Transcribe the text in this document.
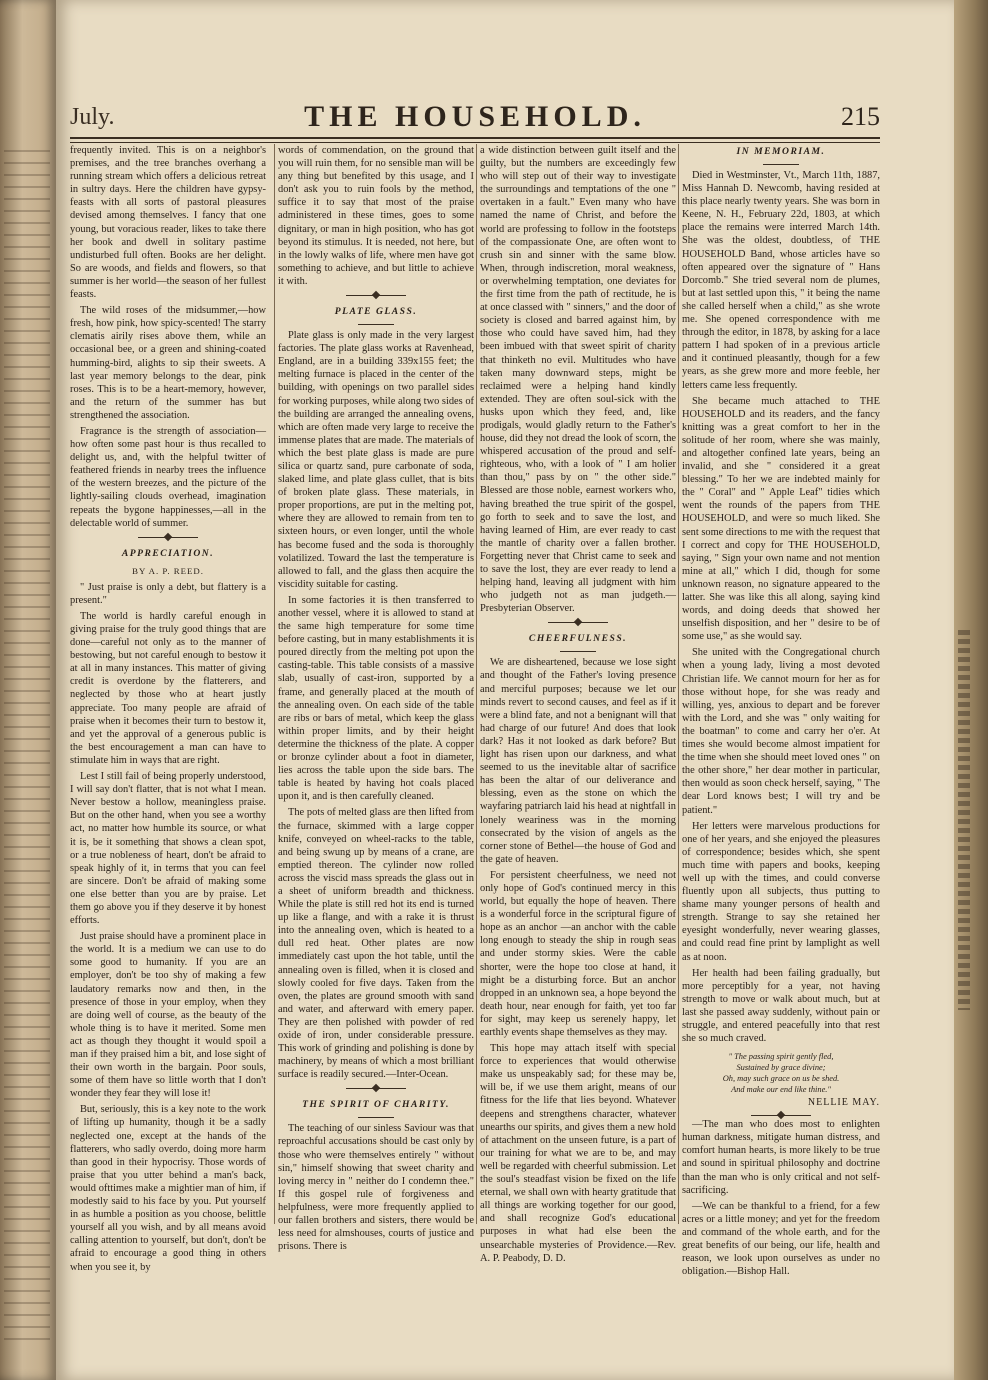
July.	THE HOUSEHOLD.	215

frequently invited. This is on a neighbor's premises, and the tree branches overhang a running stream which offers a delicious retreat in sultry days. Here the children have gypsy-feasts with all sorts of pastoral pleasures devised among themselves. I fancy that one young, but voracious reader, likes to take there her book and dwell in solitary pastime undisturbed full often. Books are her delight. So are woods, and fields and flowers, so that summer is her world—the season of her fullest feasts.

The wild roses of the midsummer,—how fresh, how pink, how spicy-scented! The starry clematis airily rises above them, while an occasional bee, or a green and shining-coated humming-bird, alights to sip their sweets. A last year memory belongs to the dear, pink roses. This is to be a heart-memory, however, and the return of the summer has but strengthened the association.

Fragrance is the strength of association—how often some past hour is thus recalled to delight us, and, with the helpful twitter of feathered friends in nearby trees the influence of the western breezes, and the picture of the lightly-sailing clouds overhead, imagination repeats the bygone happinesses,—all in the delectable world of summer.

APPRECIATION.
BY A. P. REED.

" Just praise is only a debt, but flattery is a present."

The world is hardly careful enough in giving praise for the truly good things that are done—careful not only as to the manner of bestowing, but not careful enough to bestow it at all in many instances. This matter of giving credit is overdone by the flatterers, and neglected by those who at heart justly appreciate. Too many people are afraid of praise when it becomes their turn to bestow it, and yet the approval of a generous public is the best encouragement a man can have to stimulate him in ways that are right.

Lest I still fail of being properly understood, I will say don't flatter, that is not what I mean. Never bestow a hollow, meaningless praise. But on the other hand, when you see a worthy act, no matter how humble its source, or what it is, be it something that shows a clean spot, or a true nobleness of heart, don't be afraid to speak highly of it, in terms that you can feel are sincere. Don't be afraid of making some one else better than you are by praise. Let them go above you if they deserve it by honest efforts.

Just praise should have a prominent place in the world. It is a medium we can use to do some good to humanity. If you are an employer, don't be too shy of making a few laudatory remarks now and then, in the presence of those in your employ, when they are doing well of course, as the beauty of the whole thing is to have it merited. Some men act as though they thought it would spoil a man if they praised him a bit, and lose sight of their own worth in the bargain. Poor souls, some of them have so little worth that I don't wonder they fear they will lose it!

But, seriously, this is a key note to the work of lifting up humanity, though it be a sadly neglected one, except at the hands of the flatterers, who sadly overdo, doing more harm than good in their hypocrisy. Those words of praise that you utter behind a man's back, would ofttimes make a mightier man of him, if modestly said to his face by you. Put yourself in as humble a position as you choose, belittle yourself all you wish, and by all means avoid calling attention to yourself, but don't, don't be afraid to encourage a good thing in others when you see it, by

words of commendation, on the ground that you will ruin them, for no sensible man will be any thing but benefited by this usage, and I don't ask you to ruin fools by the method, suffice it to say that most of the praise administered in these times, goes to some dignitary, or man in high position, who has got beyond its stimulus. It is needed, not here, but in the lowly walks of life, where men have got something to achieve, and but little to achieve it with.

PLATE GLASS.

Plate glass is only made in the very largest factories. The plate glass works at Ravenhead, England, are in a building 339x155 feet; the melting furnace is placed in the center of the building, with openings on two parallel sides for working purposes, while along two sides of the building are arranged the annealing ovens, which are often made very large to receive the immense plates that are made. The materials of which the best plate glass is made are pure silica or quartz sand, pure carbonate of soda, slaked lime, and plate glass cullet, that is bits of broken plate glass. These materials, in proper proportions, are put in the melting pot, where they are allowed to remain from ten to sixteen hours, or even longer, until the whole has become fused and the soda is thoroughly volatilized. Toward the last the temperature is allowed to fall, and the glass then acquire the viscidity suitable for casting.

In some factories it is then transferred to another vessel, where it is allowed to stand at the same high temperature for some time before casting, but in many establishments it is poured directly from the melting pot upon the casting-table. This table consists of a massive slab, usually of cast-iron, supported by a frame, and generally placed at the mouth of the annealing oven. On each side of the table are ribs or bars of metal, which keep the glass within proper limits, and by their height determine the thickness of the plate. A copper or bronze cylinder about a foot in diameter, lies across the table upon the side bars. The table is heated by having hot coals placed upon it, and is then carefully cleaned.

The pots of melted glass are then lifted from the furnace, skimmed with a large copper knife, conveyed on wheel-racks to the table, and being swung up by means of a crane, are emptied thereon. The cylinder now rolled across the viscid mass spreads the glass out in a sheet of uniform breadth and thickness. While the plate is still red hot its end is turned up like a flange, and with a rake it is thrust into the annealing oven, which is heated to a dull red heat. Other plates are now immediately cast upon the hot table, until the annealing oven is filled, when it is closed and slowly cooled for five days. Taken from the oven, the plates are ground smooth with sand and water, and afterward with emery paper. They are then polished with powder of red oxide of iron, under considerable pressure. This work of grinding and polishing is done by machinery, by means of which a most brilliant surface is readily secured.—Inter-Ocean.

THE SPIRIT OF CHARITY.

The teaching of our sinless Saviour was that reproachful accusations should be cast only by those who were themselves entirely " without sin," himself showing that sweet charity and loving mercy in " neither do I condemn thee." If this gospel rule of forgiveness and helpfulness, were more frequently applied to our fallen brothers and sisters, there would be less need for almshouses, courts of justice and prisons. There is

a wide distinction between guilt itself and the guilty, but the numbers are exceedingly few who will step out of their way to investigate the surroundings and temptations of the one " overtaken in a fault." Even many who have named the name of Christ, and before the world are professing to follow in the footsteps of the compassionate One, are often wont to crush sin and sinner with the same blow. When, through indiscretion, moral weakness, or overwhelming temptation, one deviates for the first time from the path of rectitude, he is at once classed with " sinners," and the door of society is closed and barred against him, by those who could have saved him, had they been imbued with that sweet spirit of charity that thinketh no evil. Multitudes who have taken many downward steps, might be reclaimed were a helping hand kindly extended. They are often soul-sick with the husks upon which they feed, and, like prodigals, would gladly return to the Father's house, did they not dread the look of scorn, the whispered accusation of the proud and self-righteous, who, with a look of " I am holier than thou," pass by on " the other side." Blessed are those noble, earnest workers who, having breathed the true spirit of the gospel, go forth to seek and to save the lost, and having learned of Him, are ever ready to cast the mantle of charity over a fallen brother. Forgetting never that Christ came to seek and to save the lost, they are ever ready to lend a helping hand, leaving all judgment with him who judgeth not as man judgeth.—Presbyterian Observer.

CHEERFULNESS.

We are disheartened, because we lose sight and thought of the Father's loving presence and merciful purposes; because we let our minds revert to second causes, and feel as if it were a blind fate, and not a benignant will that had charge of our future! And does that look dark? Has it not looked as dark before? But light has risen upon our darkness, and what seemed to us the inevitable altar of sacrifice has been the altar of our deliverance and blessing, even as the stone on which the wayfaring patriarch laid his head at nightfall in lonely weariness was in the morning consecrated by the vision of angels as the corner stone of Bethel—the house of God and the gate of heaven.

For persistent cheerfulness, we need not only hope of God's continued mercy in this world, but equally the hope of heaven. There is a wonderful force in the scriptural figure of hope as an anchor —an anchor with the cable long enough to steady the ship in rough seas and under stormy skies. Were the cable shorter, were the hope too close at hand, it might be a disturbing force. But an anchor dropped in an unknown sea, a hope beyond the death hour, near enough for faith, yet too far for sight, may keep us serenely happy, let earthly events shape themselves as they may.

This hope may attach itself with special force to experiences that would otherwise make us unspeakably sad; for these may be, will be, if we use them aright, means of our fitness for the life that lies beyond. Whatever deepens and strengthens character, whatever unearths our spirits, and gives them a new hold of attachment on the unseen future, is a part of our training for what we are to be, and may well be regarded with cheerful submission. Let the soul's steadfast vision be fixed on the life eternal, we shall own with hearty gratitude that all things are working together for our good, and shall recognize God's educational purposes in what had else been the unsearchable mysteries of Providence.—Rev. A. P. Peabody, D. D.

IN MEMORIAM.

Died in Westminster, Vt., March 11th, 1887, Miss Hannah D. Newcomb, having resided at this place nearly twenty years. She was born in Keene, N. H., February 22d, 1803, at which place the remains were interred March 14th. She was the oldest, doubtless, of THE HOUSEHOLD Band, whose articles have so often appeared over the signature of " Hans Dorcomb." She tried several nom de plumes, but at last settled upon this, " it being the name she called herself when a child," as she wrote me. She opened correspondence with me through the editor, in 1878, by asking for a lace pattern I had spoken of in a previous article and it continued pleasantly, though for a few years, as she grew more and more feeble, her letters came less frequently.

She became much attached to THE HOUSEHOLD and its readers, and the fancy knitting was a great comfort to her in the solitude of her room, where she was mainly, and altogether confined late years, being an invalid, and she " considered it a great blessing." To her we are indebted mainly for the " Coral" and " Apple Leaf" tidies which went the rounds of the papers from THE HOUSEHOLD, and were so much liked. She sent some directions to me with the request that I correct and copy for THE HOUSEHOLD, saying, " Sign your own name and not mention mine at all," which I did, though for some unknown reason, no signature appeared to the latter. She was like this all along, saying kind words, and doing deeds that showed her unselfish disposition, and her " desire to be of some use," as she would say.

She united with the Congregational church when a young lady, living a most devoted Christian life. We cannot mourn for her as for those without hope, for she was ready and willing, yes, anxious to depart and be forever with the Lord, and she was " only waiting for the boatman" to come and carry her o'er. At times she would become almost impatient for the time when she should meet loved ones " on the other shore," her dear mother in particular, then would as soon check herself, saying, " The dear Lord knows best; I will try and be patient."

Her letters were marvelous productions for one of her years, and she enjoyed the pleasures of correspondence; besides which, she spent much time with papers and books, keeping well up with the times, and could converse fluently upon all subjects, thus putting to shame many younger persons of health and strength. Strange to say she retained her eyesight wonderfully, never wearing glasses, and could read fine print by lamplight as well as at noon.

Her health had been failing gradually, but more perceptibly for a year, not having strength to move or walk about much, but at last she passed away suddenly, without pain or struggle, and entered peacefully into that rest she so much craved.

" The passing spirit gently fled,
Sustained by grace divine;
Oh, may such grace on us be shed.
And make our end like thine."
NELLIE MAY.

—The man who does most to enlighten human darkness, mitigate human distress, and comfort human hearts, is more likely to be true and sound in spiritual philosophy and doctrine than the man who is only critical and not self-sacrificing.

—We can be thankful to a friend, for a few acres or a little money; and yet for the freedom and command of the whole earth, and for the great benefits of our being, our life, health and reason, we look upon ourselves as under no obligation.—Bishop Hall.
